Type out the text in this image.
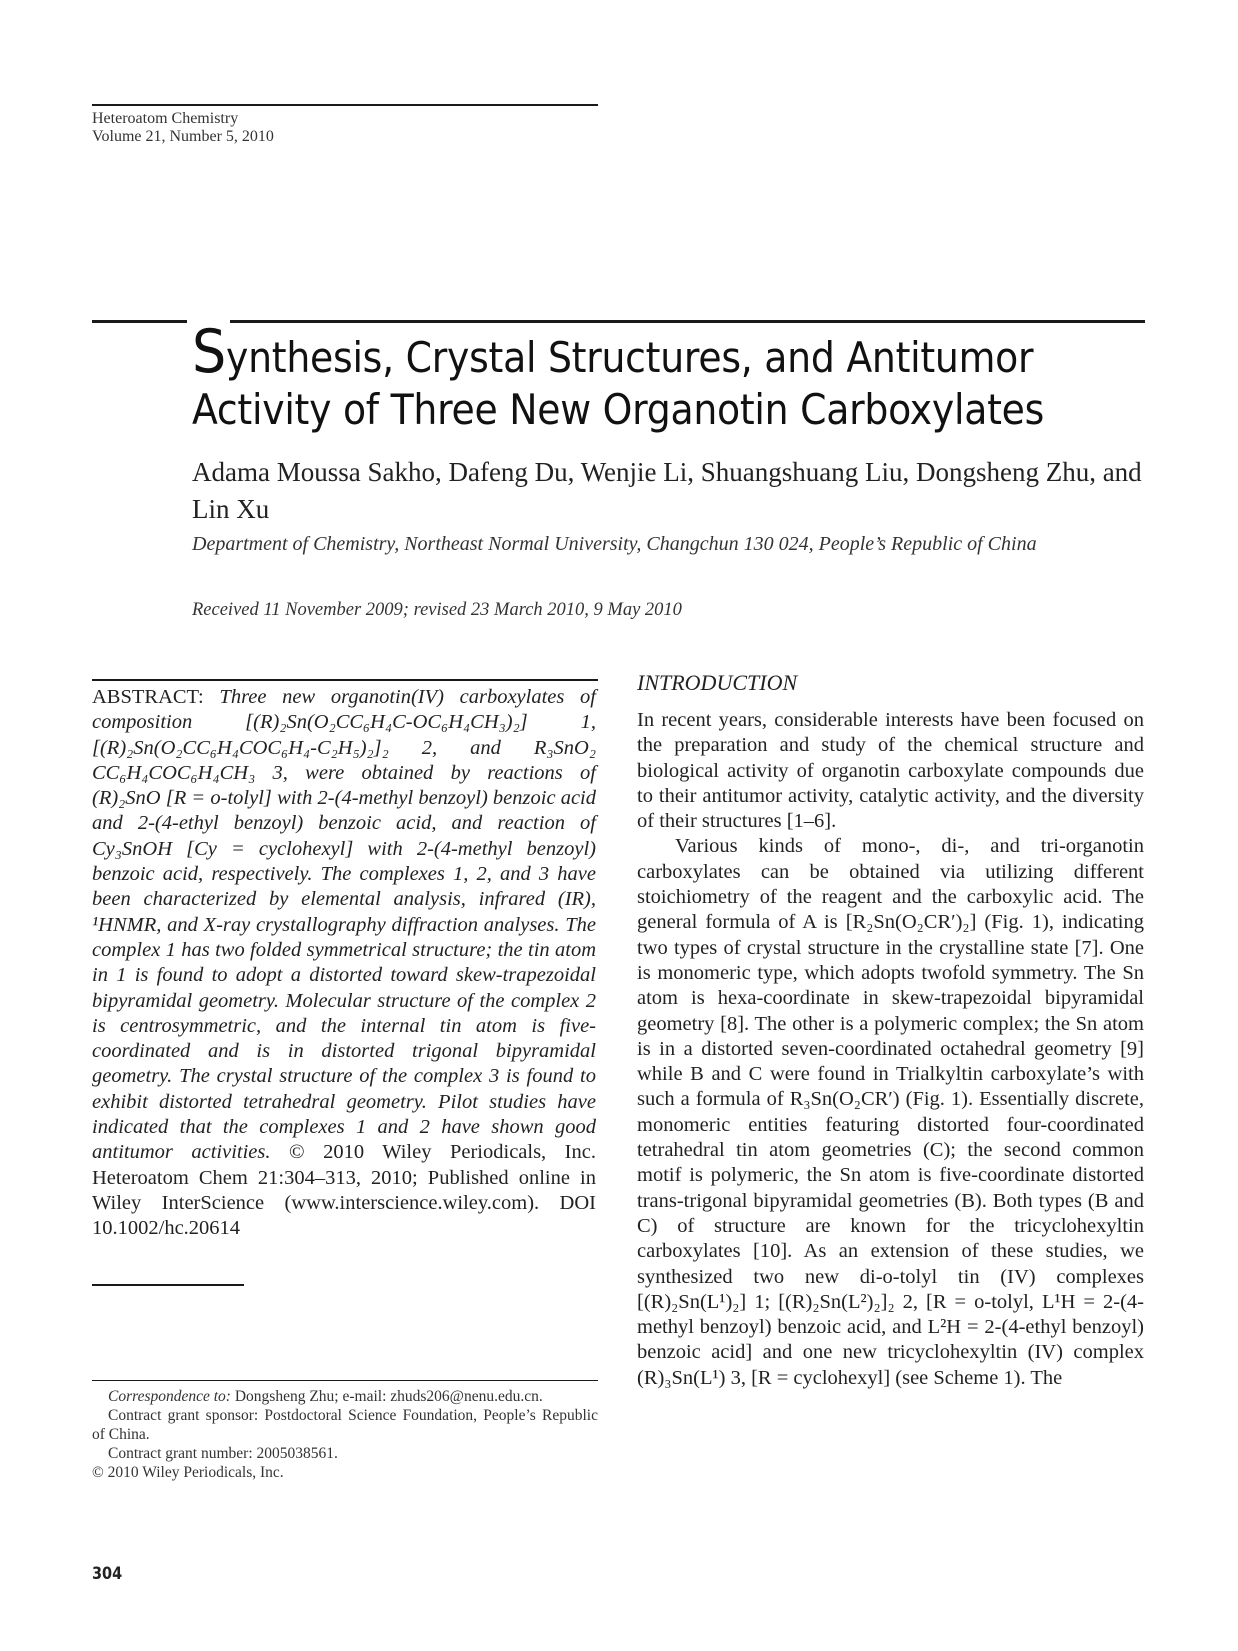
Heteroatom Chemistry
Volume 21, Number 5, 2010
Synthesis, Crystal Structures, and Antitumor Activity of Three New Organotin Carboxylates
Adama Moussa Sakho, Dafeng Du, Wenjie Li, Shuangshuang Liu, Dongsheng Zhu, and Lin Xu
Department of Chemistry, Northeast Normal University, Changchun 130 024, People’s Republic of China
Received 11 November 2009; revised 23 March 2010, 9 May 2010
ABSTRACT: Three new organotin(IV) carboxylates of composition [(R)₂Sn(O₂CC₆H₄C-OC₆H₄CH₃)₂] 1, [(R)₂Sn(O₂CC₆H₄COC₆H₄-C₂H₅)₂]₂ 2, and R₃SnO₂ CC₆H₄COC₆H₄CH₃ 3, were obtained by reactions of (R)₂SnO [R = o-tolyl] with 2-(4-methyl benzoyl) benzoic acid and 2-(4-ethyl benzoyl) benzoic acid, and reaction of Cy₃SnOH [Cy = cyclohexyl] with 2-(4-methyl benzoyl) benzoic acid, respectively. The complexes 1, 2, and 3 have been characterized by elemental analysis, infrared (IR), ¹HNMR, and X-ray crystallography diffraction analyses. The complex 1 has two folded symmetrical structure; the tin atom in 1 is found to adopt a distorted toward skew-trapezoidal bipyramidal geometry. Molecular structure of the complex 2 is centrosymmetric, and the internal tin atom is five-coordinated and is in distorted trigonal bipyramidal geometry. The crystal structure of the complex 3 is found to exhibit distorted tetrahedral geometry. Pilot studies have indicated that the complexes 1 and 2 have shown good antitumor activities. © 2010 Wiley Periodicals, Inc. Heteroatom Chem 21:304–313, 2010; Published online in Wiley InterScience (www.interscience.wiley.com). DOI 10.1002/hc.20614
Correspondence to: Dongsheng Zhu; e-mail: zhuds206@nenu.edu.cn.
Contract grant sponsor: Postdoctoral Science Foundation, People’s Republic of China.
Contract grant number: 2005038561.
© 2010 Wiley Periodicals, Inc.
INTRODUCTION

In recent years, considerable interests have been focused on the preparation and study of the chemical structure and biological activity of organotin carboxylate compounds due to their antitumor activity, catalytic activity, and the diversity of their structures [1–6].

Various kinds of mono-, di-, and tri-organotin carboxylates can be obtained via utilizing different stoichiometry of the reagent and the carboxylic acid. The general formula of A is [R₂Sn(O₂CR′)₂] (Fig. 1), indicating two types of crystal structure in the crystalline state [7]. One is monomeric type, which adopts twofold symmetry. The Sn atom is hexa-coordinate in skew-trapezoidal bipyramidal geometry [8]. The other is a polymeric complex; the Sn atom is in a distorted seven-coordinated octahedral geometry [9] while B and C were found in Trialkyltin carboxylate’s with such a formula of R₃Sn(O₂CR′) (Fig. 1). Essentially discrete, monomeric entities featuring distorted four-coordinated tetrahedral tin atom geometries (C); the second common motif is polymeric, the Sn atom is five-coordinate distorted trans-trigonal bipyramidal geometries (B). Both types (B and C) of structure are known for the tricyclohexyltin carboxylates [10]. As an extension of these studies, we synthesized two new di-o-tolyl tin (IV) complexes [(R)₂Sn(L¹)₂] 1; [(R)₂Sn(L²)₂]₂ 2, [R = o-tolyl, L¹H = 2-(4- methyl benzoyl) benzoic acid, and L²H = 2-(4-ethyl benzoyl) benzoic acid] and one new tricyclohexyltin (IV) complex (R)₃Sn(L¹) 3, [R = cyclohexyl] (see Scheme 1). The

304
